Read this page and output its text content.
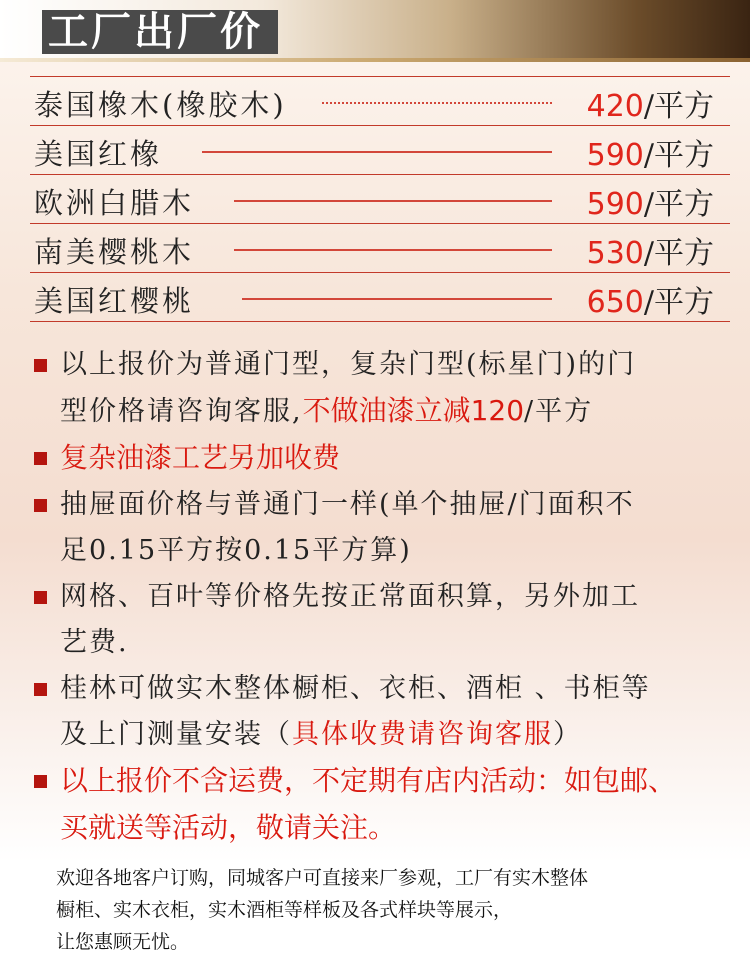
工厂出厂价
泰国橡木(橡胶木)	420/平方
美国红橡	590/平方
欧洲白腊木	590/平方
南美樱桃木	530/平方
美国红樱桃	650/平方
以上报价为普通门型，复杂门型(标星门)的门
型价格请咨询客服,不做油漆立减120/平方
复杂油漆工艺另加收费
抽屉面价格与普通门一样(单个抽屉/门面积不
足0.15平方按0.15平方算)
网格、百叶等价格先按正常面积算，另外加工
艺费.
桂林可做实木整体橱柜、衣柜、酒柜 、书柜等
及上门测量安装（具体收费请咨询客服）
以上报价不含运费，不定期有店内活动：如包邮、
买就送等活动，敬请关注。
欢迎各地客户订购，同城客户可直接来厂参观，工厂有实木整体
橱柜、实木衣柜，实木酒柜等样板及各式样块等展示，
让您惠顾无忧。
